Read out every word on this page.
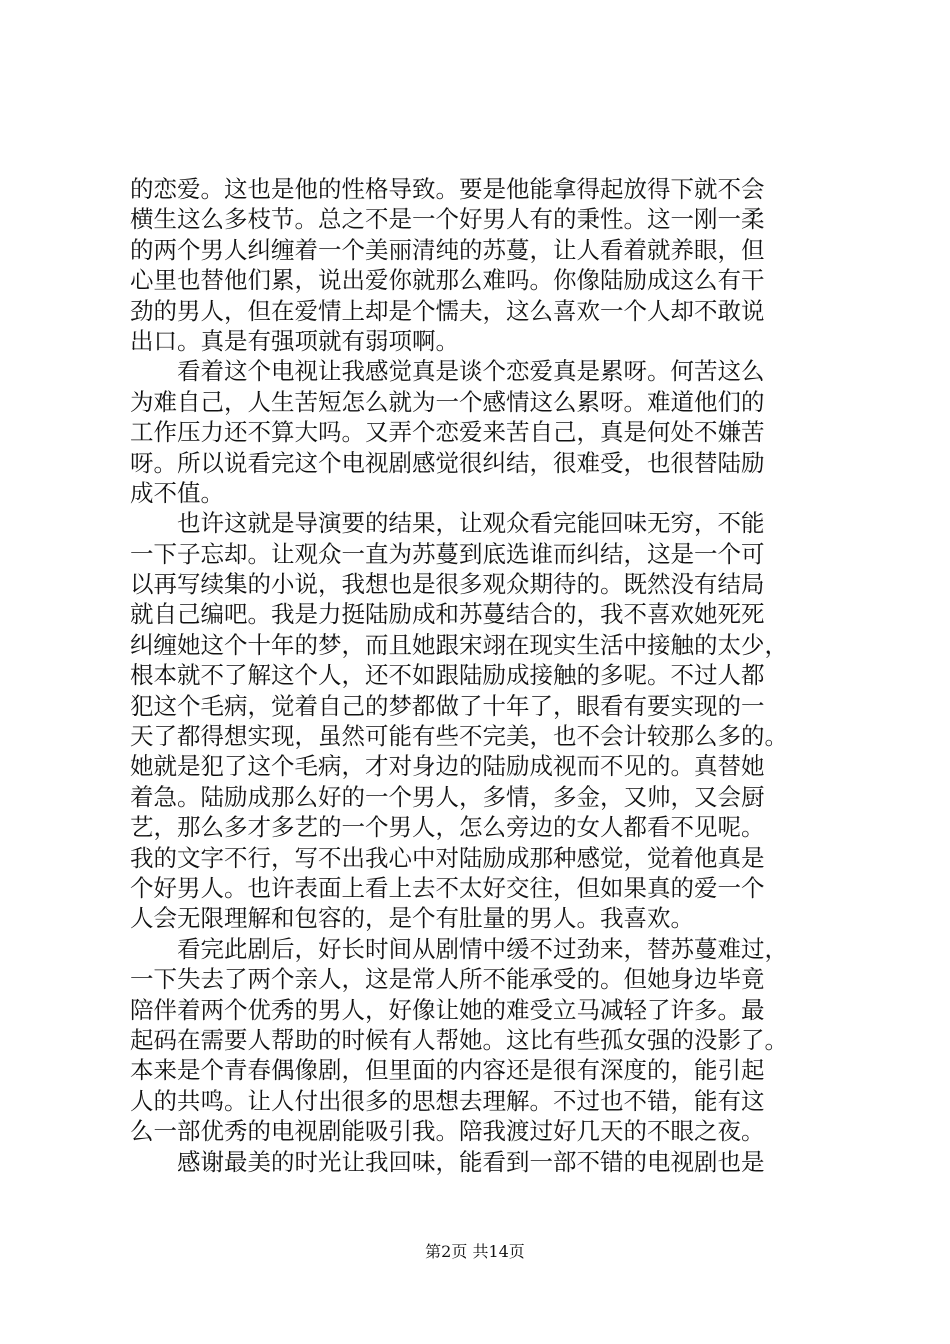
的恋爱。这也是他的性格导致。要是他能拿得起放得下就不会
横生这么多枝节。总之不是一个好男人有的秉性。这一刚一柔
的两个男人纠缠着一个美丽清纯的苏蔓，让人看着就养眼，但
心里也替他们累，说出爱你就那么难吗。你像陆励成这么有干
劲的男人，但在爱情上却是个懦夫，这么喜欢一个人却不敢说
出口。真是有强项就有弱项啊。
看着这个电视让我感觉真是谈个恋爱真是累呀。何苦这么
为难自己，人生苦短怎么就为一个感情这么累呀。难道他们的
工作压力还不算大吗。又弄个恋爱来苦自己，真是何处不嫌苦
呀。所以说看完这个电视剧感觉很纠结，很难受，也很替陆励
成不值。
也许这就是导演要的结果，让观众看完能回味无穷，不能
一下子忘却。让观众一直为苏蔓到底选谁而纠结，这是一个可
以再写续集的小说，我想也是很多观众期待的。既然没有结局
就自己编吧。我是力挺陆励成和苏蔓结合的，我不喜欢她死死
纠缠她这个十年的梦，而且她跟宋翊在现实生活中接触的太少，
根本就不了解这个人，还不如跟陆励成接触的多呢。不过人都
犯这个毛病，觉着自己的梦都做了十年了，眼看有要实现的一
天了都得想实现，虽然可能有些不完美，也不会计较那么多的。
她就是犯了这个毛病，才对身边的陆励成视而不见的。真替她
着急。陆励成那么好的一个男人，多情，多金，又帅，又会厨
艺，那么多才多艺的一个男人，怎么旁边的女人都看不见呢。
我的文字不行，写不出我心中对陆励成那种感觉，觉着他真是
个好男人。也许表面上看上去不太好交往，但如果真的爱一个
人会无限理解和包容的，是个有肚量的男人。我喜欢。
看完此剧后，好长时间从剧情中缓不过劲来，替苏蔓难过，
一下失去了两个亲人，这是常人所不能承受的。但她身边毕竟
陪伴着两个优秀的男人，好像让她的难受立马减轻了许多。最
起码在需要人帮助的时候有人帮她。这比有些孤女强的没影了。
本来是个青春偶像剧，但里面的内容还是很有深度的，能引起
人的共鸣。让人付出很多的思想去理解。不过也不错，能有这
么一部优秀的电视剧能吸引我。陪我渡过好几天的不眼之夜。
感谢最美的时光让我回味，能看到一部不错的电视剧也是
第2页 共14页
